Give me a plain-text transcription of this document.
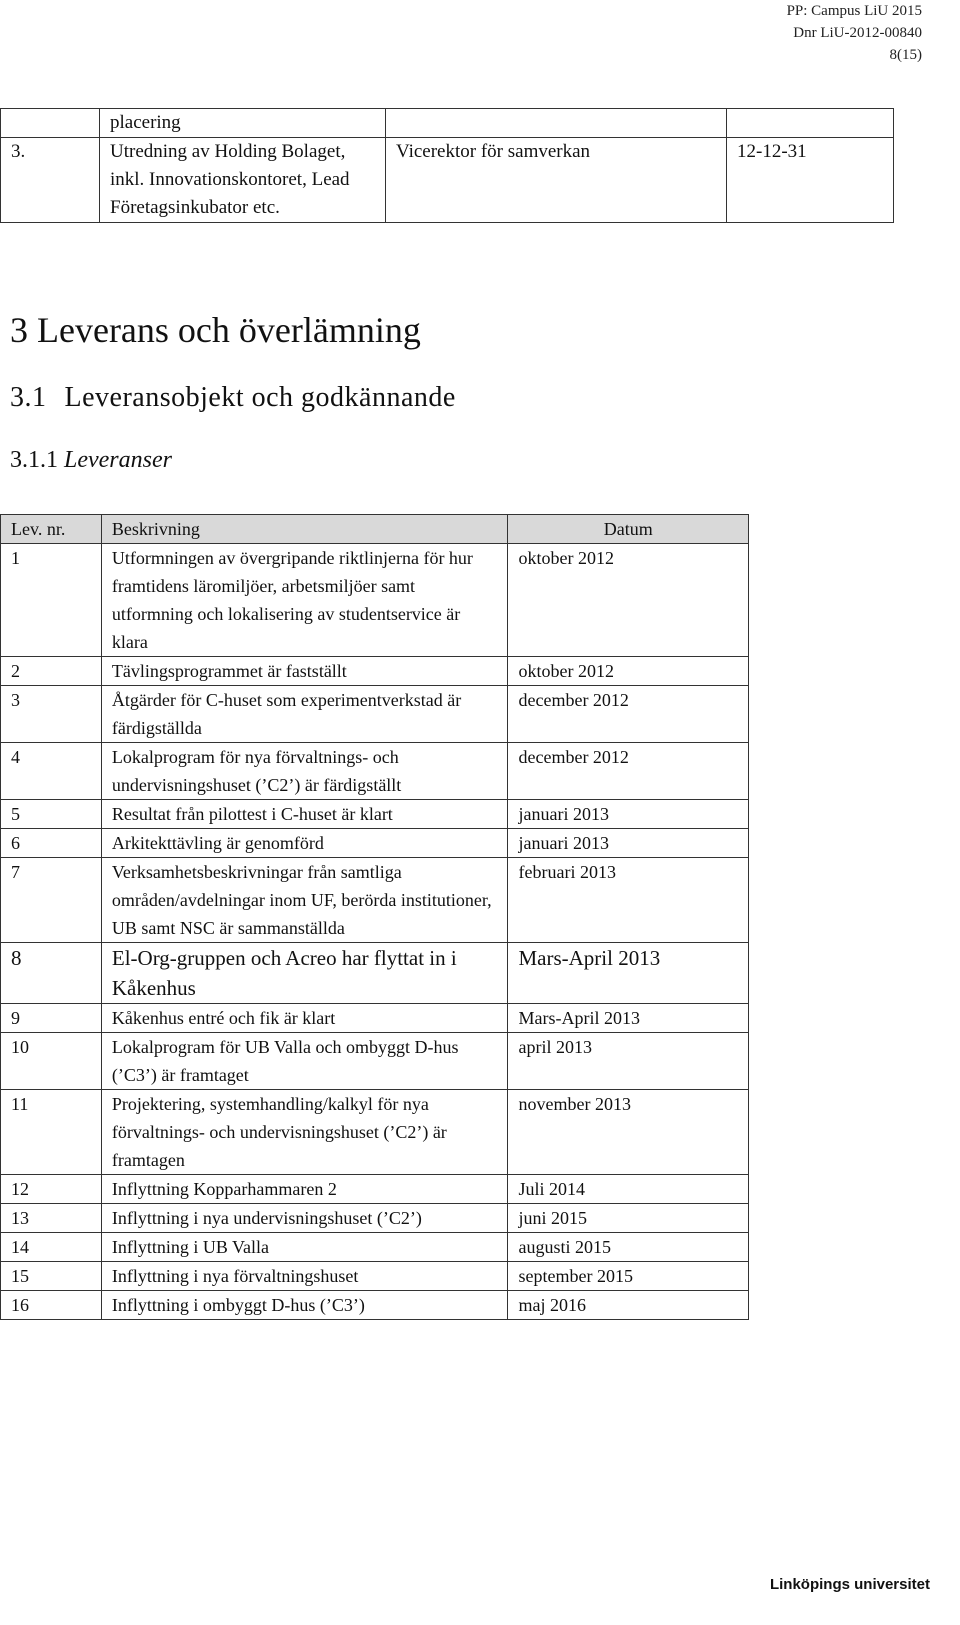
PP: Campus LiU 2015
Dnr LiU-2012-00840
8(15)
	placering		
3.	Utredning av Holding Bolaget, inkl. Innovationskontoret, Lead Företagsinkubator etc.	Vicerektor för samverkan	12-12-31
3 Leverans och överlämning
3.1 Leveransobjekt och godkännande
3.1.1 Leveranser
Lev. nr.	Beskrivning	Datum
1	Utformningen av övergripande riktlinjerna för hur framtidens läromiljöer, arbetsmiljöer samt utformning och lokalisering av studentservice är klara	oktober 2012
2	Tävlingsprogrammet är fastställt	oktober 2012
3	Åtgärder för C-huset som experimentverkstad är färdigställda	december 2012
4	Lokalprogram för nya förvaltnings- och undervisningshuset (’C2’) är färdigställt	december 2012
5	Resultat från pilottest i C-huset är klart	januari 2013
6	Arkitekttävling är genomförd	januari 2013
7	Verksamhetsbeskrivningar från samtliga områden/avdelningar inom UF, berörda institutioner, UB samt NSC är sammanställda	februari 2013
8	El-Org-gruppen och Acreo har flyttat in i Kåkenhus	Mars-April 2013
9	Kåkenhus entré och fik är klart	Mars-April 2013
10	Lokalprogram för UB Valla och ombyggt D-hus (’C3’) är framtaget	april 2013
11	Projektering, systemhandling/kalkyl för nya förvaltnings- och undervisningshuset (’C2’) är framtagen	november 2013
12	Inflyttning Kopparhammaren 2	Juli 2014
13	Inflyttning i nya undervisningshuset (’C2’)	juni 2015
14	Inflyttning i UB Valla	augusti 2015
15	Inflyttning i nya förvaltningshuset	september 2015
16	Inflyttning i ombyggt D-hus (’C3’)	maj 2016
Linköpings universitet
